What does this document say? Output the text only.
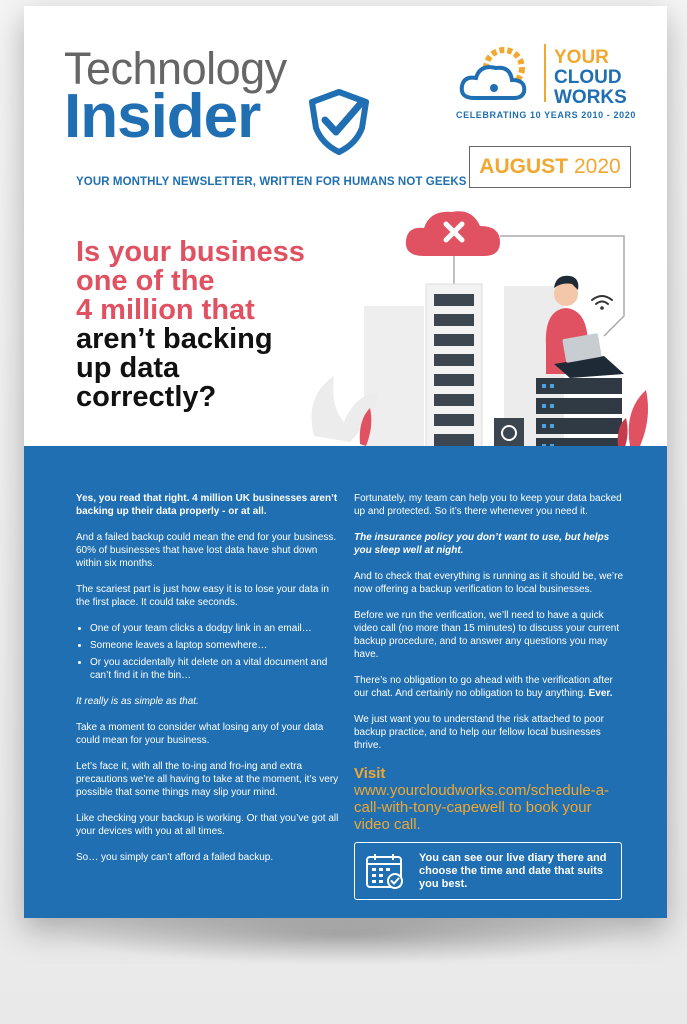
Technology
Insider
YOUR
CLOUD
WORKS
CELEBRATING 10 YEARS 2010 - 2020
AUGUST 2020
YOUR MONTHLY NEWSLETTER, WRITTEN FOR HUMANS NOT GEEKS
Is your business
one of the
4 million that
aren’t backing
up data
correctly?

Yes, you read that right. 4 million UK businesses aren’t backing up their data properly - or at all.

And a failed backup could mean the end for your business. 60% of businesses that have lost data have shut down within six months.

The scariest part is just how easy it is to lose your data in the first place. It could take seconds.

• One of your team clicks a dodgy link in an email…
• Someone leaves a laptop somewhere…
• Or you accidentally hit delete on a vital document and can’t find it in the bin…

It really is as simple as that.

Take a moment to consider what losing any of your data could mean for your business.

Let’s face it, with all the to-ing and fro-ing and extra precautions we’re all having to take at the moment, it’s very possible that some things may slip your mind.

Like checking your backup is working. Or that you’ve got all your devices with you at all times.

So… you simply can’t afford a failed backup.

Fortunately, my team can help you to keep your data backed up and protected. So it’s there whenever you need it.

The insurance policy you don’t want to use, but helps you sleep well at night.

And to check that everything is running as it should be, we’re now offering a backup verification to local businesses.

Before we run the verification, we’ll need to have a quick video call (no more than 15 minutes) to discuss your current backup procedure, and to answer any questions you may have.

There’s no obligation to go ahead with the verification after our chat. And certainly no obligation to buy anything. Ever.

We just want you to understand the risk attached to poor backup practice, and to help our fellow local businesses thrive.

Visit www.yourcloudworks.com/schedule-a-call-with-tony-capewell to book your video call.

You can see our live diary there and choose the time and date that suits you best.
